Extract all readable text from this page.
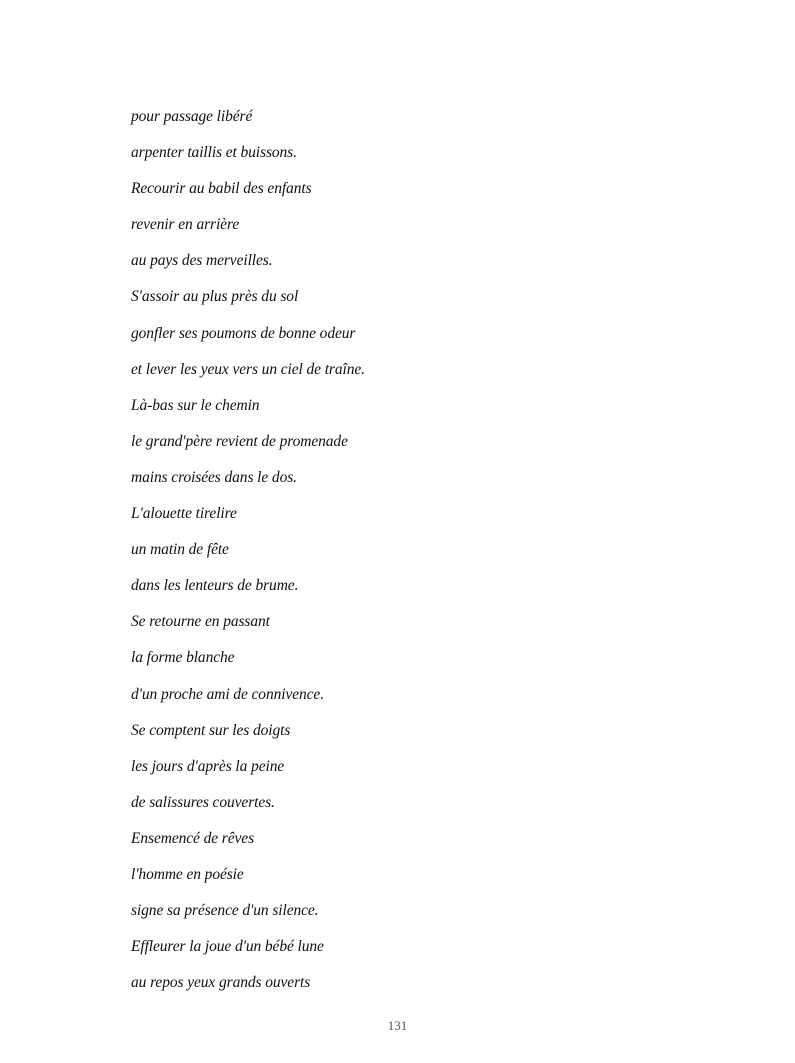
pour passage libéré
arpenter taillis et buissons.
Recourir au babil des enfants
revenir en arrière
au pays des merveilles.
S'assoir au plus près du sol
gonfler ses poumons de bonne odeur
et lever les yeux vers un ciel de traîne.
Là-bas sur le chemin
le grand'père revient de promenade
mains croisées dans le dos.
L'alouette tirelire
un matin de fête
dans les lenteurs de brume.
Se retourne en passant
la forme blanche
d'un proche ami de connivence.
Se comptent sur les doigts
les jours d'après la peine
de salissures couvertes.
Ensemencé de rêves
l'homme en poésie
signe sa présence d'un silence.
Effleurer la joue d'un bébé lune
au repos yeux grands ouverts
131
